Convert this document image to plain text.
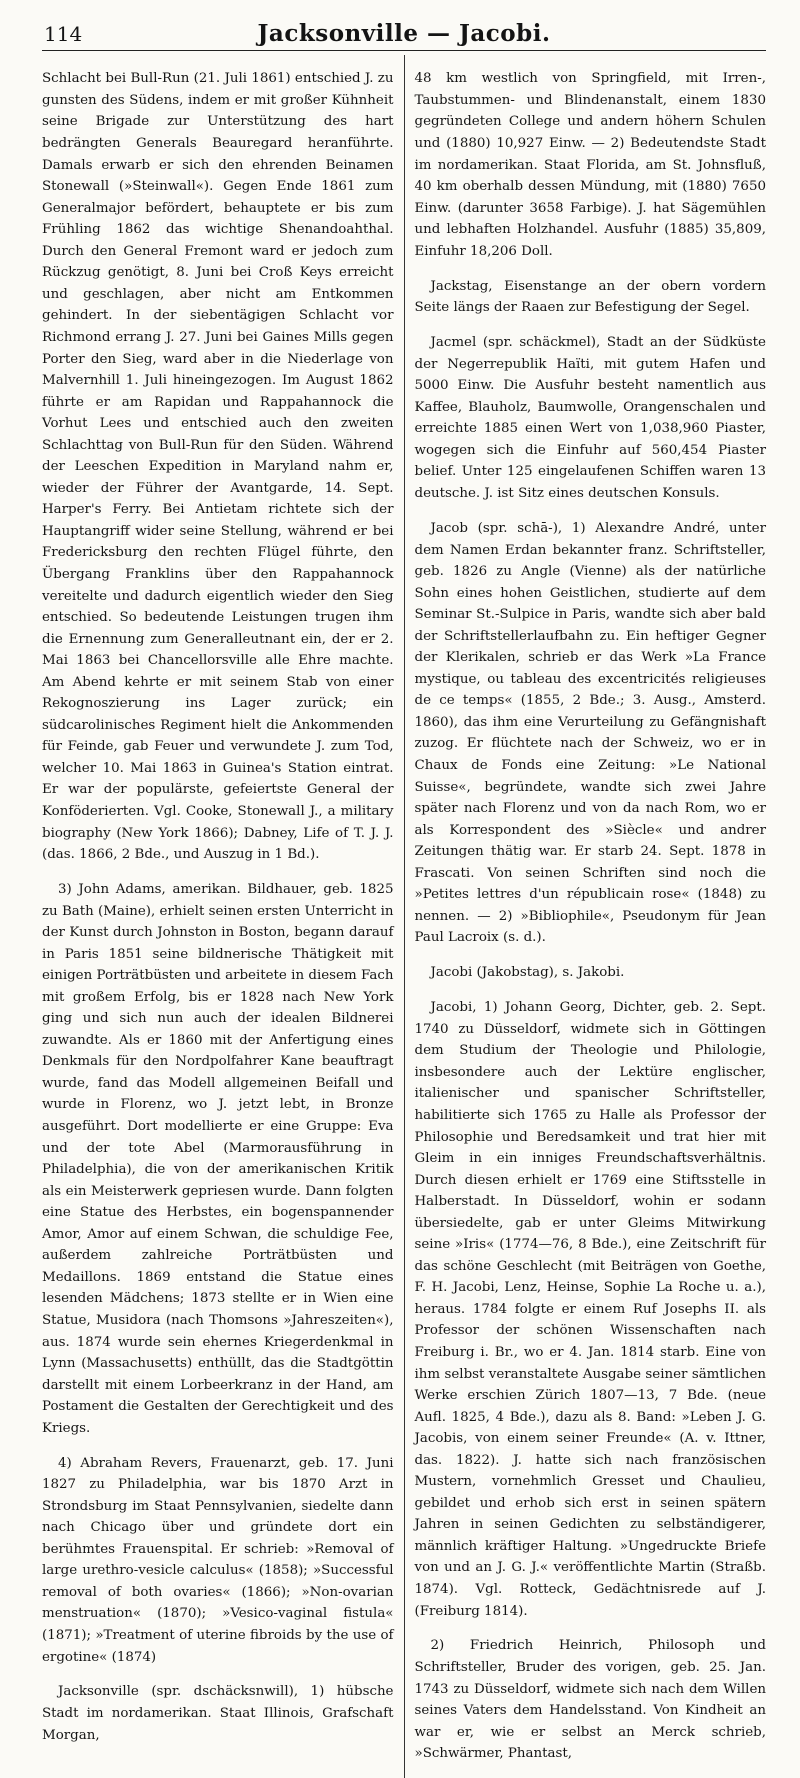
114	Jacksonville — Jacobi.

Schlacht bei Bull-Run (21. Juli 1861) entschied J. zu gunsten des Südens, indem er mit großer Kühnheit seine Brigade zur Unterstützung des hart bedrängten Generals Beauregard heranführte. Damals erwarb er sich den ehrenden Beinamen Stonewall (»Steinwall«). Gegen Ende 1861 zum Generalmajor befördert, behauptete er bis zum Frühling 1862 das wichtige Shenandoahthal. Durch den General Fremont ward er jedoch zum Rückzug genötigt, 8. Juni bei Croß Keys erreicht und geschlagen, aber nicht am Entkommen gehindert. In der siebentägigen Schlacht vor Richmond errang J. 27. Juni bei Gaines Mills gegen Porter den Sieg, ward aber in die Niederlage von Malvernhill 1. Juli hineingezogen. Im August 1862 führte er am Rapidan und Rappahannock die Vorhut Lees und entschied auch den zweiten Schlachttag von Bull-Run für den Süden. Während der Leeschen Expedition in Maryland nahm er, wieder der Führer der Avantgarde, 14. Sept. Harper's Ferry. Bei Antietam richtete sich der Hauptangriff wider seine Stellung, während er bei Fredericksburg den rechten Flügel führte, den Übergang Franklins über den Rappahannock vereitelte und dadurch eigentlich wieder den Sieg entschied. So bedeutende Leistungen trugen ihm die Ernennung zum Generalleutnant ein, der er 2. Mai 1863 bei Chancellorsville alle Ehre machte. Am Abend kehrte er mit seinem Stab von einer Rekognoszierung ins Lager zurück; ein südcarolinisches Regiment hielt die Ankommenden für Feinde, gab Feuer und verwundete J. zum Tod, welcher 10. Mai 1863 in Guinea's Station eintrat. Er war der populärste, gefeiertste General der Konföderierten. Vgl. Cooke, Stonewall J., a military biography (New York 1866); Dabney, Life of T. J. J. (das. 1866, 2 Bde., und Auszug in 1 Bd.).

3) John Adams, amerikan. Bildhauer, geb. 1825 zu Bath (Maine), erhielt seinen ersten Unterricht in der Kunst durch Johnston in Boston, begann darauf in Paris 1851 seine bildnerische Thätigkeit mit einigen Porträtbüsten und arbeitete in diesem Fach mit großem Erfolg, bis er 1828 nach New York ging und sich nun auch der idealen Bildnerei zuwandte. Als er 1860 mit der Anfertigung eines Denkmals für den Nordpolfahrer Kane beauftragt wurde, fand das Modell allgemeinen Beifall und wurde in Florenz, wo J. jetzt lebt, in Bronze ausgeführt. Dort modellierte er eine Gruppe: Eva und der tote Abel (Marmorausführung in Philadelphia), die von der amerikanischen Kritik als ein Meisterwerk gepriesen wurde. Dann folgten eine Statue des Herbstes, ein bogenspannender Amor, Amor auf einem Schwan, die schuldige Fee, außerdem zahlreiche Porträtbüsten und Medaillons. 1869 entstand die Statue eines lesenden Mädchens; 1873 stellte er in Wien eine Statue, Musidora (nach Thomsons »Jahreszeiten«), aus. 1874 wurde sein ehernes Kriegerdenkmal in Lynn (Massachusetts) enthüllt, das die Stadtgöttin darstellt mit einem Lorbeerkranz in der Hand, am Postament die Gestalten der Gerechtigkeit und des Kriegs.

4) Abraham Revers, Frauenarzt, geb. 17. Juni 1827 zu Philadelphia, war bis 1870 Arzt in Strondsburg im Staat Pennsylvanien, siedelte dann nach Chicago über und gründete dort ein berühmtes Frauenspital. Er schrieb: »Removal of large urethro-vesicle calculus« (1858); »Successful removal of both ovaries« (1866); »Non-ovarian menstruation« (1870); »Vesico-vaginal fistula« (1871); »Treatment of uterine fibroids by the use of ergotine« (1874)

Jacksonville (spr. dschäcksnwill), 1) hübsche Stadt im nordamerikan. Staat Illinois, Grafschaft Morgan,

48 km westlich von Springfield, mit Irren-, Taubstummen- und Blindenanstalt, einem 1830 gegründeten College und andern höhern Schulen und (1880) 10,927 Einw. — 2) Bedeutendste Stadt im nordamerikan. Staat Florida, am St. Johnsfluß, 40 km oberhalb dessen Mündung, mit (1880) 7650 Einw. (darunter 3658 Farbige). J. hat Sägemühlen und lebhaften Holzhandel. Ausfuhr (1885) 35,809, Einfuhr 18,206 Doll.

Jackstag, Eisenstange an der obern vordern Seite längs der Raaen zur Befestigung der Segel.

Jacmel (spr. schäckmel), Stadt an der Südküste der Negerrepublik Haïti, mit gutem Hafen und 5000 Einw. Die Ausfuhr besteht namentlich aus Kaffee, Blauholz, Baumwolle, Orangenschalen und erreichte 1885 einen Wert von 1,038,960 Piaster, wogegen sich die Einfuhr auf 560,454 Piaster belief. Unter 125 eingelaufenen Schiffen waren 13 deutsche. J. ist Sitz eines deutschen Konsuls.

Jacob (spr. schā-), 1) Alexandre André, unter dem Namen Erdan bekannter franz. Schriftsteller, geb. 1826 zu Angle (Vienne) als der natürliche Sohn eines hohen Geistlichen, studierte auf dem Seminar St.-Sulpice in Paris, wandte sich aber bald der Schriftstellerlaufbahn zu. Ein heftiger Gegner der Klerikalen, schrieb er das Werk »La France mystique, ou tableau des excentricités religieuses de ce temps« (1855, 2 Bde.; 3. Ausg., Amsterd. 1860), das ihm eine Verurteilung zu Gefängnishaft zuzog. Er flüchtete nach der Schweiz, wo er in Chaux de Fonds eine Zeitung: »Le National Suisse«, begründete, wandte sich zwei Jahre später nach Florenz und von da nach Rom, wo er als Korrespondent des »Siècle« und andrer Zeitungen thätig war. Er starb 24. Sept. 1878 in Frascati. Von seinen Schriften sind noch die »Petites lettres d'un républicain rose« (1848) zu nennen. — 2) »Bibliophile«, Pseudonym für Jean Paul Lacroix (s. d.).

Jacobi (Jakobstag), s. Jakobi.

Jacobi, 1) Johann Georg, Dichter, geb. 2. Sept. 1740 zu Düsseldorf, widmete sich in Göttingen dem Studium der Theologie und Philologie, insbesondere auch der Lektüre englischer, italienischer und spanischer Schriftsteller, habilitierte sich 1765 zu Halle als Professor der Philosophie und Beredsamkeit und trat hier mit Gleim in ein inniges Freundschaftsverhältnis. Durch diesen erhielt er 1769 eine Stiftsstelle in Halberstadt. In Düsseldorf, wohin er sodann übersiedelte, gab er unter Gleims Mitwirkung seine »Iris« (1774—76, 8 Bde.), eine Zeitschrift für das schöne Geschlecht (mit Beiträgen von Goethe, F. H. Jacobi, Lenz, Heinse, Sophie La Roche u. a.), heraus. 1784 folgte er einem Ruf Josephs II. als Professor der schönen Wissenschaften nach Freiburg i. Br., wo er 4. Jan. 1814 starb. Eine von ihm selbst veranstaltete Ausgabe seiner sämtlichen Werke erschien Zürich 1807—13, 7 Bde. (neue Aufl. 1825, 4 Bde.), dazu als 8. Band: »Leben J. G. Jacobis, von einem seiner Freunde« (A. v. Ittner, das. 1822). J. hatte sich nach französischen Mustern, vornehmlich Gresset und Chaulieu, gebildet und erhob sich erst in seinen spätern Jahren in seinen Gedichten zu selbständigerer, männlich kräftiger Haltung. »Ungedruckte Briefe von und an J. G. J.« veröffentlichte Martin (Straßb. 1874). Vgl. Rotteck, Gedächtnisrede auf J. (Freiburg 1814).

2) Friedrich Heinrich, Philosoph und Schriftsteller, Bruder des vorigen, geb. 25. Jan. 1743 zu Düsseldorf, widmete sich nach dem Willen seines Vaters dem Handelsstand. Von Kindheit an war er, wie er selbst an Merck schrieb, »Schwärmer, Phantast,
